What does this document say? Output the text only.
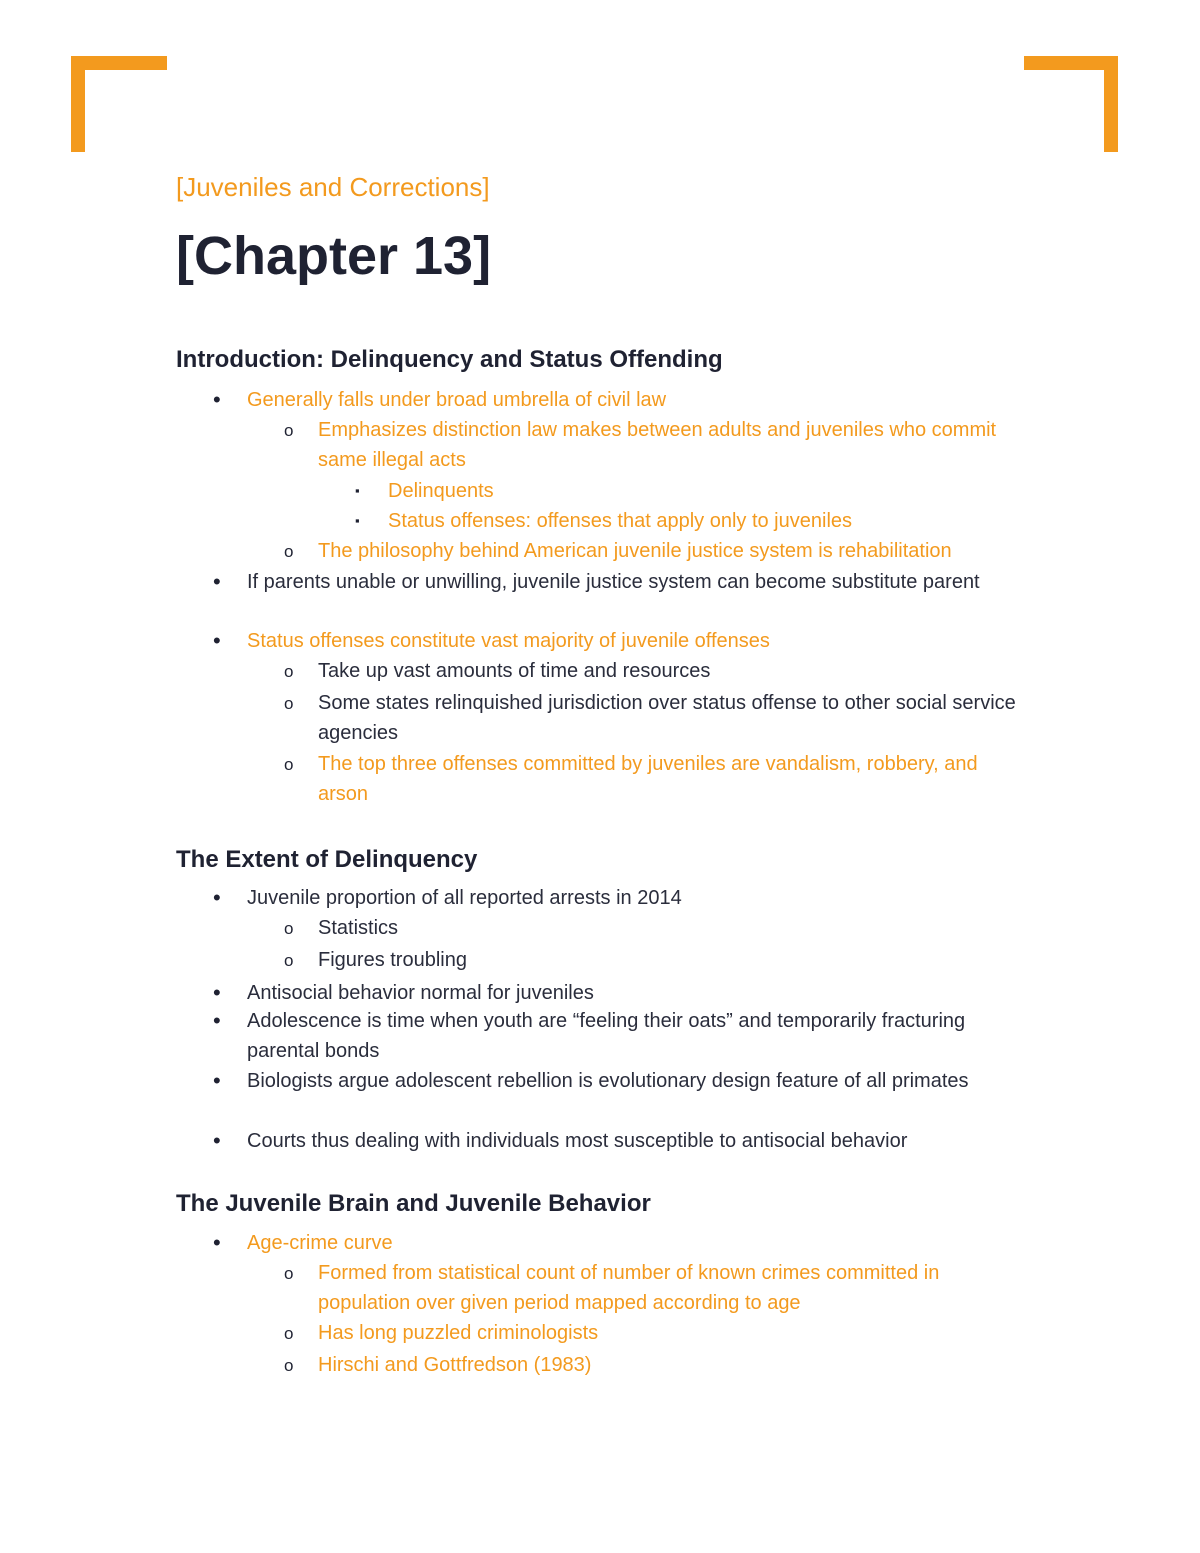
[Juveniles and Corrections]
[Chapter 13]
Introduction: Delinquency and Status Offending
• Generally falls under broad umbrella of civil law
o Emphasizes distinction law makes between adults and juveniles who commit same illegal acts
▪ Delinquents
▪ Status offenses: offenses that apply only to juveniles
o The philosophy behind American juvenile justice system is rehabilitation
• If parents unable or unwilling, juvenile justice system can become substitute parent
• Status offenses constitute vast majority of juvenile offenses
o Take up vast amounts of time and resources
o Some states relinquished jurisdiction over status offense to other social service agencies
o The top three offenses committed by juveniles are vandalism, robbery, and arson
The Extent of Delinquency
• Juvenile proportion of all reported arrests in 2014
o Statistics
o Figures troubling
• Antisocial behavior normal for juveniles
• Adolescence is time when youth are “feeling their oats” and temporarily fracturing parental bonds
• Biologists argue adolescent rebellion is evolutionary design feature of all primates
• Courts thus dealing with individuals most susceptible to antisocial behavior
The Juvenile Brain and Juvenile Behavior
• Age-crime curve
o Formed from statistical count of number of known crimes committed in population over given period mapped according to age
o Has long puzzled criminologists
o Hirschi and Gottfredson (1983)
